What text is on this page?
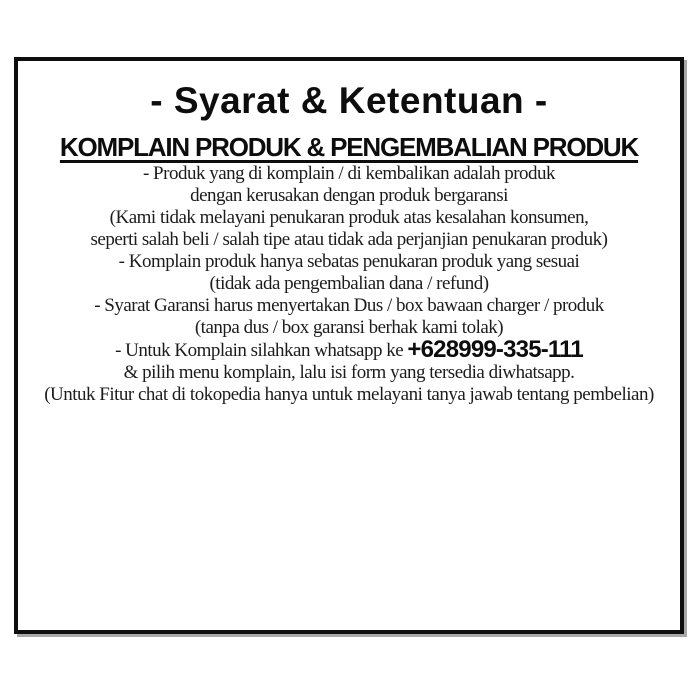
- Syarat & Ketentuan -
KOMPLAIN PRODUK & PENGEMBALIAN PRODUK

- Produk yang di komplain / di kembalikan adalah produk
dengan kerusakan dengan produk bergaransi

(Kami tidak melayani penukaran produk atas kesalahan konsumen,
seperti salah beli / salah tipe atau tidak ada perjanjian penukaran produk)

- Komplain produk hanya sebatas penukaran produk yang sesuai
(tidak ada pengembalian dana / refund)

- Syarat Garansi harus menyertakan Dus / box bawaan charger / produk
(tanpa dus / box garansi berhak kami tolak)

- Untuk Komplain silahkan whatsapp ke +628999-335-111
& pilih menu komplain, lalu isi form yang tersedia diwhatsapp.

(Untuk Fitur chat di tokopedia hanya untuk melayani tanya jawab tentang pembelian)
